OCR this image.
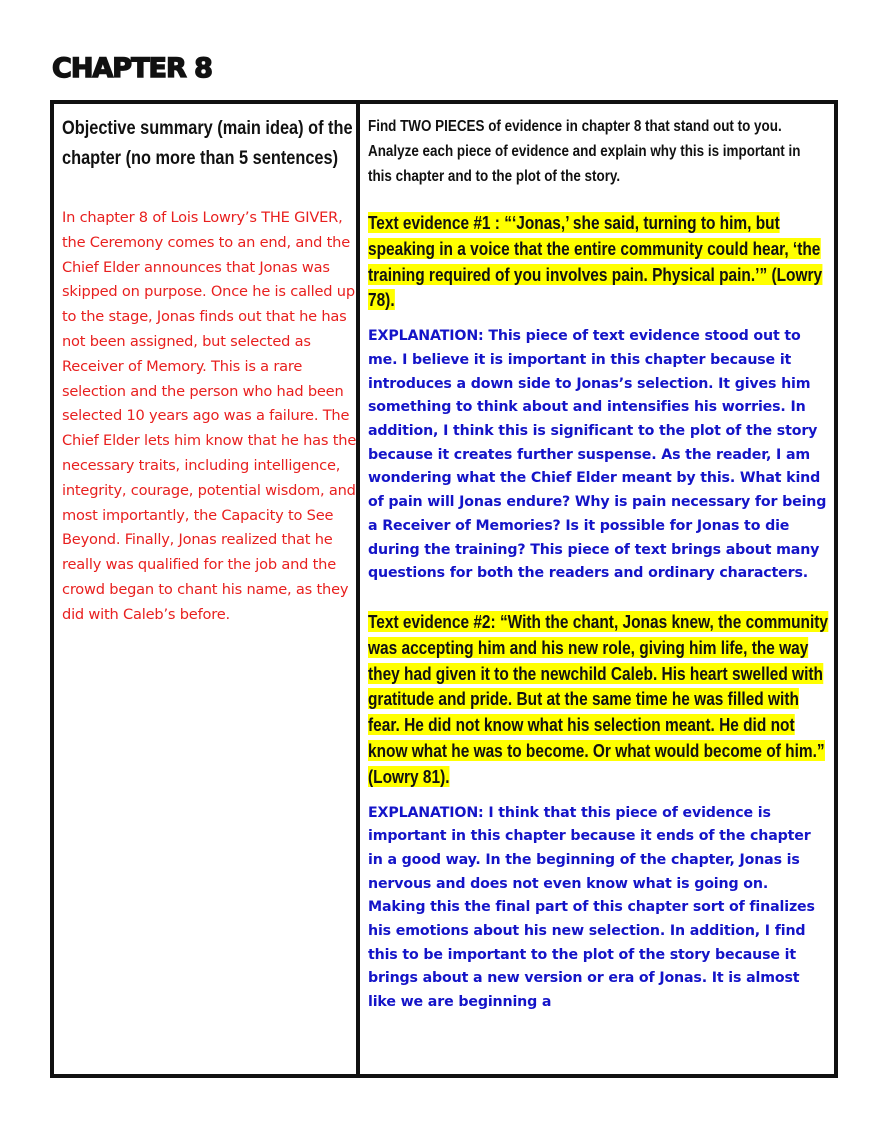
CHAPTER 8

Objective summary (main idea) of the chapter (no more than 5 sentences)

In chapter 8 of Lois Lowry’s THE GIVER, the Ceremony comes to an end, and the Chief Elder announces that Jonas was skipped on purpose. Once he is called up to the stage, Jonas finds out that he has not been assigned, but selected as Receiver of Memory. This is a rare selection and the person who had been selected 10 years ago was a failure. The Chief Elder lets him know that he has the necessary traits, including intelligence, integrity, courage, potential wisdom, and most importantly, the Capacity to See Beyond. Finally, Jonas realized that he really was qualified for the job and the crowd began to chant his name, as they did with Caleb’s before.

Find TWO PIECES of evidence in chapter 8 that stand out to you. Analyze each piece of evidence and explain why this is important in this chapter and to the plot of the story.

Text evidence #1 : “‘Jonas,’ she said, turning to him, but speaking in a voice that the entire community could hear, ‘the training required of you involves pain. Physical pain.’” (Lowry 78).
EXPLANATION: This piece of text evidence stood out to me. I believe it is important in this chapter because it introduces a down side to Jonas’s selection. It gives him something to think about and intensifies his worries. In addition, I think this is significant to the plot of the story because it creates further suspense. As the reader, I am wondering what the Chief Elder meant by this. What kind of pain will Jonas endure? Why is pain necessary for being a Receiver of Memories? Is it possible for Jonas to die during the training? This piece of text brings about many questions for both the readers and ordinary characters.
Text evidence #2: “With the chant, Jonas knew, the community was accepting him and his new role, giving him life, the way they had given it to the newchild Caleb. His heart swelled with gratitude and pride. But at the same time he was filled with fear. He did not know what his selection meant. He did not know what he was to become. Or what would become of him.” (Lowry 81).
EXPLANATION: I think that this piece of evidence is important in this chapter because it ends of the chapter in a good way. In the beginning of the chapter, Jonas is nervous and does not even know what is going on. Making this the final part of this chapter sort of finalizes his emotions about his new selection. In addition, I find this to be important to the plot of the story because it brings about a new version or era of Jonas. It is almost like we are beginning a
